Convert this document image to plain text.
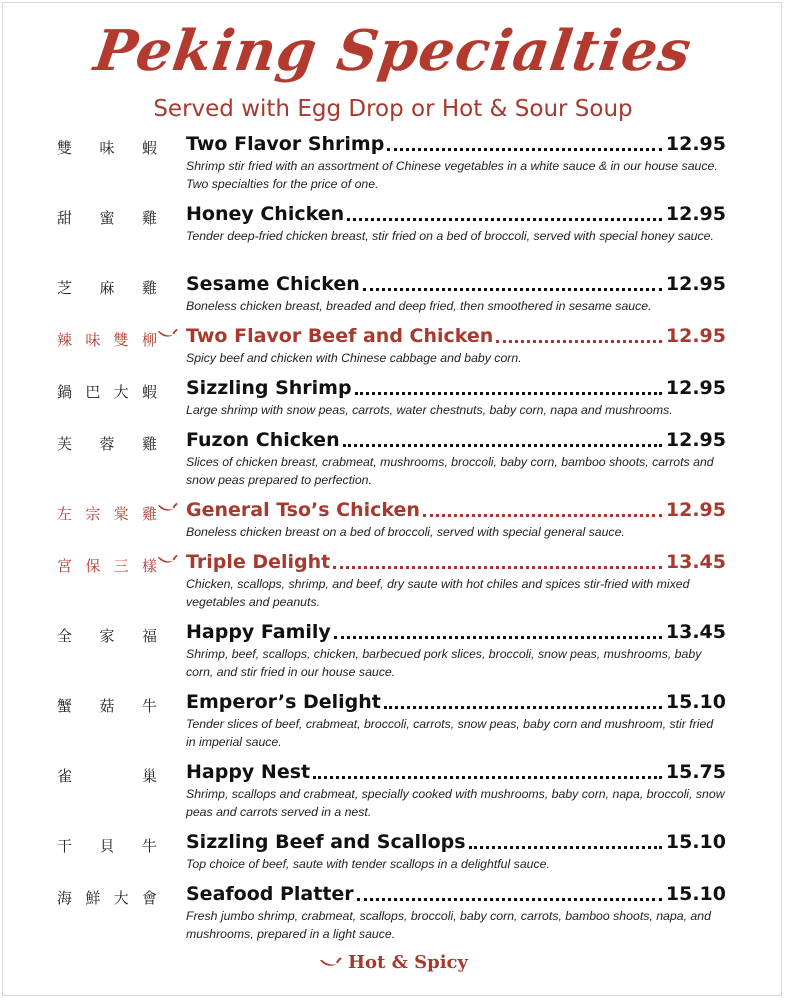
Peking Specialties
Served with Egg Drop or Hot & Sour Soup
雙 味 蝦 Two Flavor Shrimp	12.95
Shrimp stir fried with an assortment of Chinese vegetables in a white sauce & in our house sauce. Two specialties for the price of one.
甜 蜜 雞 Honey Chicken	12.95
Tender deep-fried chicken breast, stir fried on a bed of broccoli, served with special honey sauce.
芝 麻 雞 Sesame Chicken	12.95
Boneless chicken breast, breaded and deep fried, then smoothered in sesame sauce.
辣 味 雙 柳 Two Flavor Beef and Chicken	12.95
Spicy beef and chicken with Chinese cabbage and baby corn.
鍋 巴 大 蝦 Sizzling Shrimp	12.95
Large shrimp with snow peas, carrots, water chestnuts, baby corn, napa and mushrooms.
芙 蓉 雞 Fuzon Chicken	12.95
Slices of chicken breast, crabmeat, mushrooms, broccoli, baby corn, bamboo shoots, carrots and snow peas prepared to perfection.
左 宗 棠 雞 General Tso’s Chicken	12.95
Boneless chicken breast on a bed of broccoli, served with special general sauce.
宮 保 三 樣 Triple Delight	13.45
Chicken, scallops, shrimp, and beef, dry saute with hot chiles and spices stir-fried with mixed vegetables and peanuts.
全 家 福 Happy Family	13.45
Shrimp, beef, scallops, chicken, barbecued pork slices, broccoli, snow peas, mushrooms, baby corn, and stir fried in our house sauce.
蟹 菇 牛 Emperor’s Delight	15.10
Tender slices of beef, crabmeat, broccoli, carrots, snow peas, baby corn and mushroom, stir fried in imperial sauce.
雀	巢 Happy Nest	15.75
Shrimp, scallops and crabmeat, specially cooked with mushrooms, baby corn, napa, broccoli, snow peas and carrots served in a nest.
干 貝 牛 Sizzling Beef and Scallops	15.10
Top choice of beef, saute with tender scallops in a delightful sauce.
海 鮮 大 會 Seafood Platter	15.10
Fresh jumbo shrimp, crabmeat, scallops, broccoli, baby corn, carrots, bamboo shoots, napa, and mushrooms, prepared in a light sauce.
Hot & Spicy
